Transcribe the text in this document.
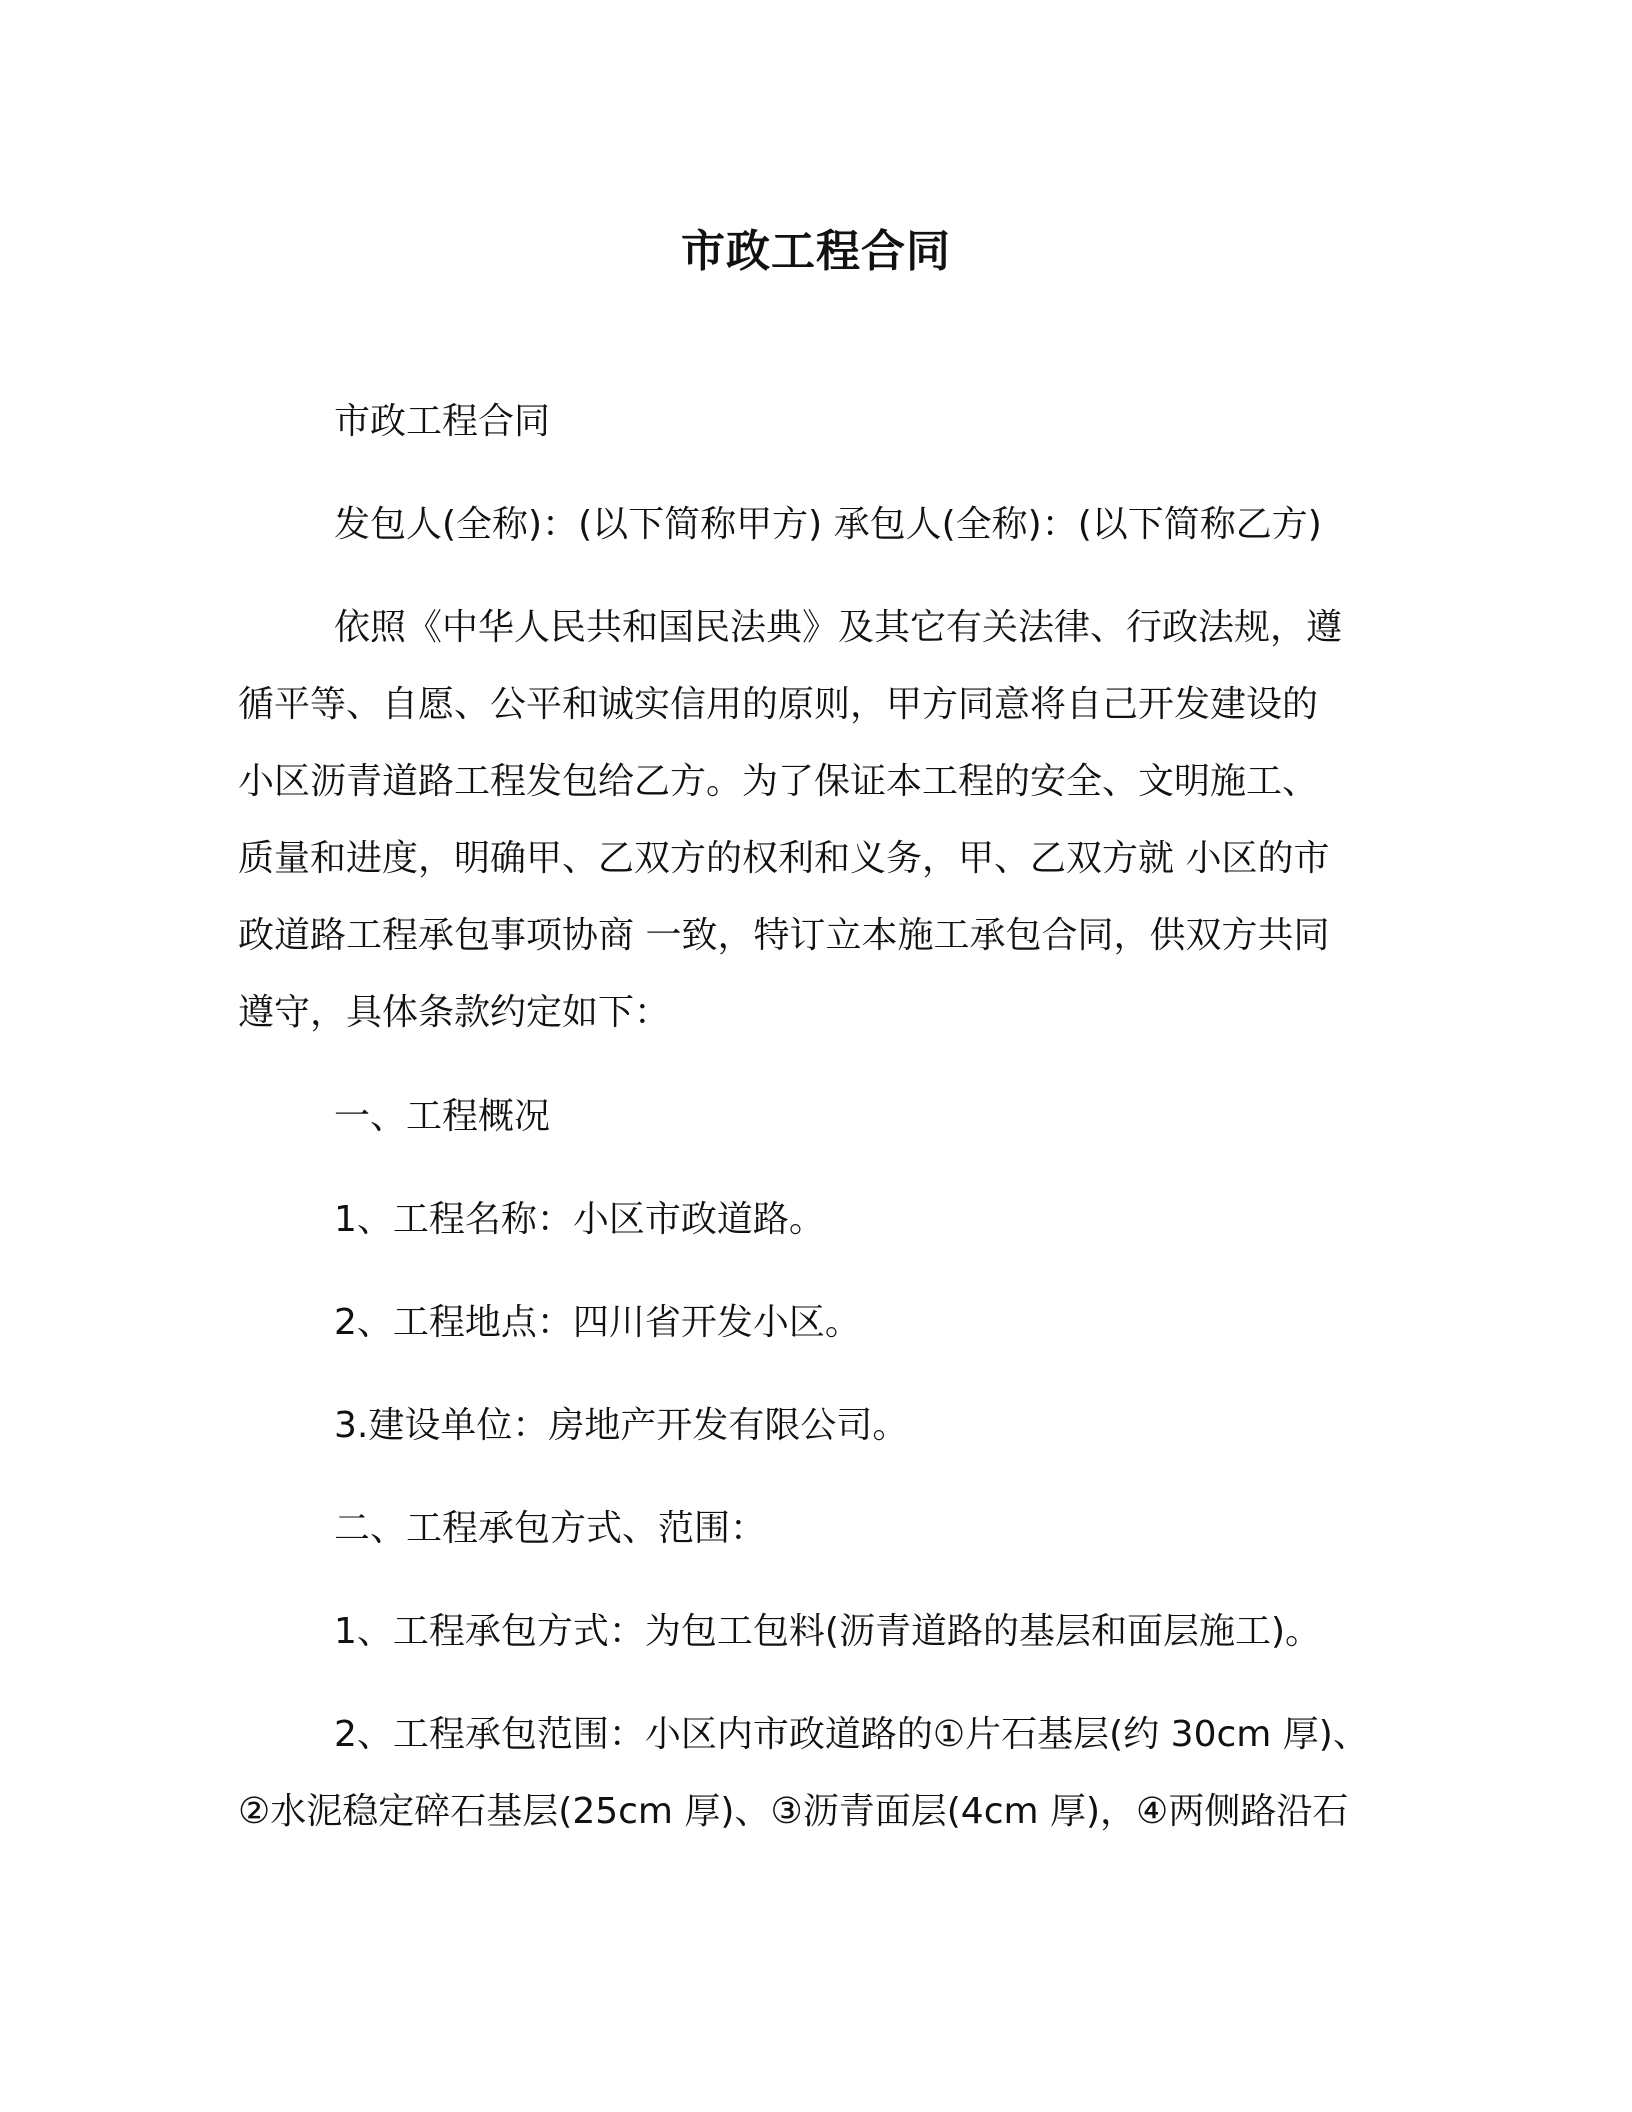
市政工程合同
市政工程合同
发包人(全称)：(以下简称甲方) 承包人(全称)：(以下简称乙方)
依照《中华人民共和国民法典》及其它有关法律、行政法规，遵
循平等、自愿、公平和诚实信用的原则，甲方同意将自己开发建设的
小区沥青道路工程发包给乙方。为了保证本工程的安全、文明施工、
质量和进度，明确甲、乙双方的权利和义务，甲、乙双方就 小区的市
政道路工程承包事项协商 一致，特订立本施工承包合同，供双方共同
遵守，具体条款约定如下：
一、工程概况
1、工程名称：小区市政道路。
2、工程地点：四川省开发小区。
3.建设单位：房地产开发有限公司。
二、工程承包方式、范围：
1、工程承包方式：为包工包料(沥青道路的基层和面层施工)。
2、工程承包范围：小区内市政道路的①片石基层(约 30cm 厚)、
②水泥稳定碎石基层(25cm 厚)、③沥青面层(4cm 厚)，④两侧路沿石
